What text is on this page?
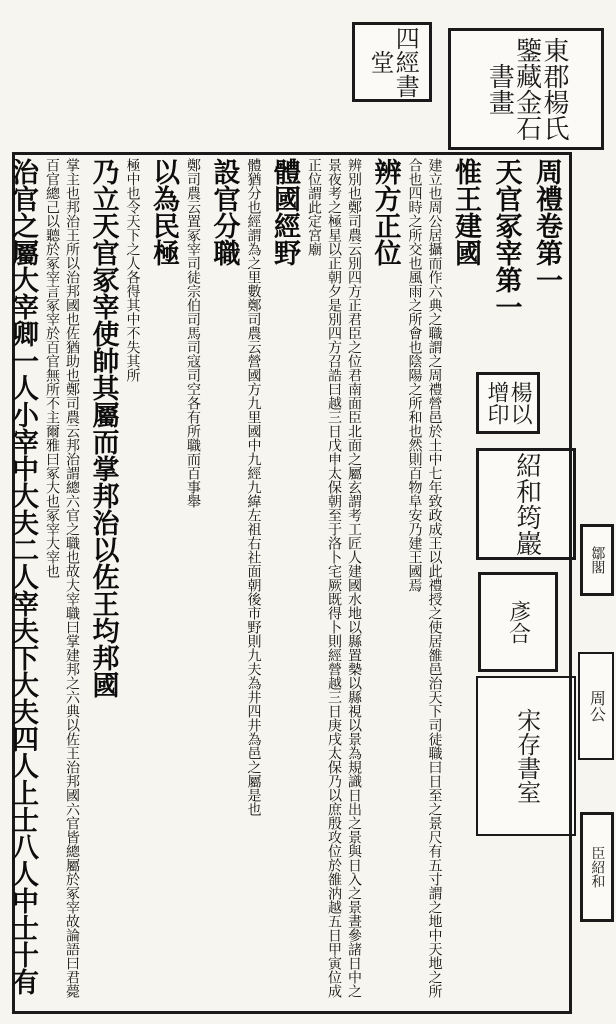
四經書堂	東郡楊氏鑒藏金石書畫
楊以增印
紹和筠巖
彥合
宋存書室
鄒閣
周公
臣紹和
周禮卷第一
天官冢宰第一
惟王建國
建立也周公居攝而作六典之職謂之周禮營邑於土中七年致政成王以此禮授之使居雒邑治天下司徒職曰日至之景尺有五寸謂之地中天地之所合也四時之所交也風雨之所會也陰陽之所和也然則百物阜安乃建王國焉
辨方正位
辨別也鄭司農云別四方正君臣之位君南面臣北面之屬玄謂考工匠人建國水地以縣置槷以縣視以景為規識日出之景與日入之景晝參諸日中之景夜考之極星以正朝夕是別四方召誥曰越三日戊申太保朝至于洛卜宅厥既得卜則經營越三日庚戌太保乃以庶殷攻位於雒汭越五日甲寅位成正位謂此定宮廟
體國經野
體猶分也經謂為之里數鄭司農云營國方九里國中九經九緯左祖右社面朝後市野則九夫為井四井為邑之屬是也
設官分職
鄭司農云置冢宰司徒宗伯司馬司寇司空各有所職而百事舉
以為民極
極中也令天下之人各得其中不失其所
乃立天官冢宰使帥其屬而掌邦治以佐王均邦國
掌主也邦治王所以治邦國也佐猶助也鄭司農云邦治謂總六官之職也故大宰職曰掌建邦之六典以佐王治邦國六官皆總屬於冢宰故論語曰君薨百官總己以聽於冢宰言冢宰於百官無所不主爾雅曰冢大也冢宰大宰也
治官之屬大宰卿一人小宰中大夫二人宰夫下大夫四人上士八人中士十有
